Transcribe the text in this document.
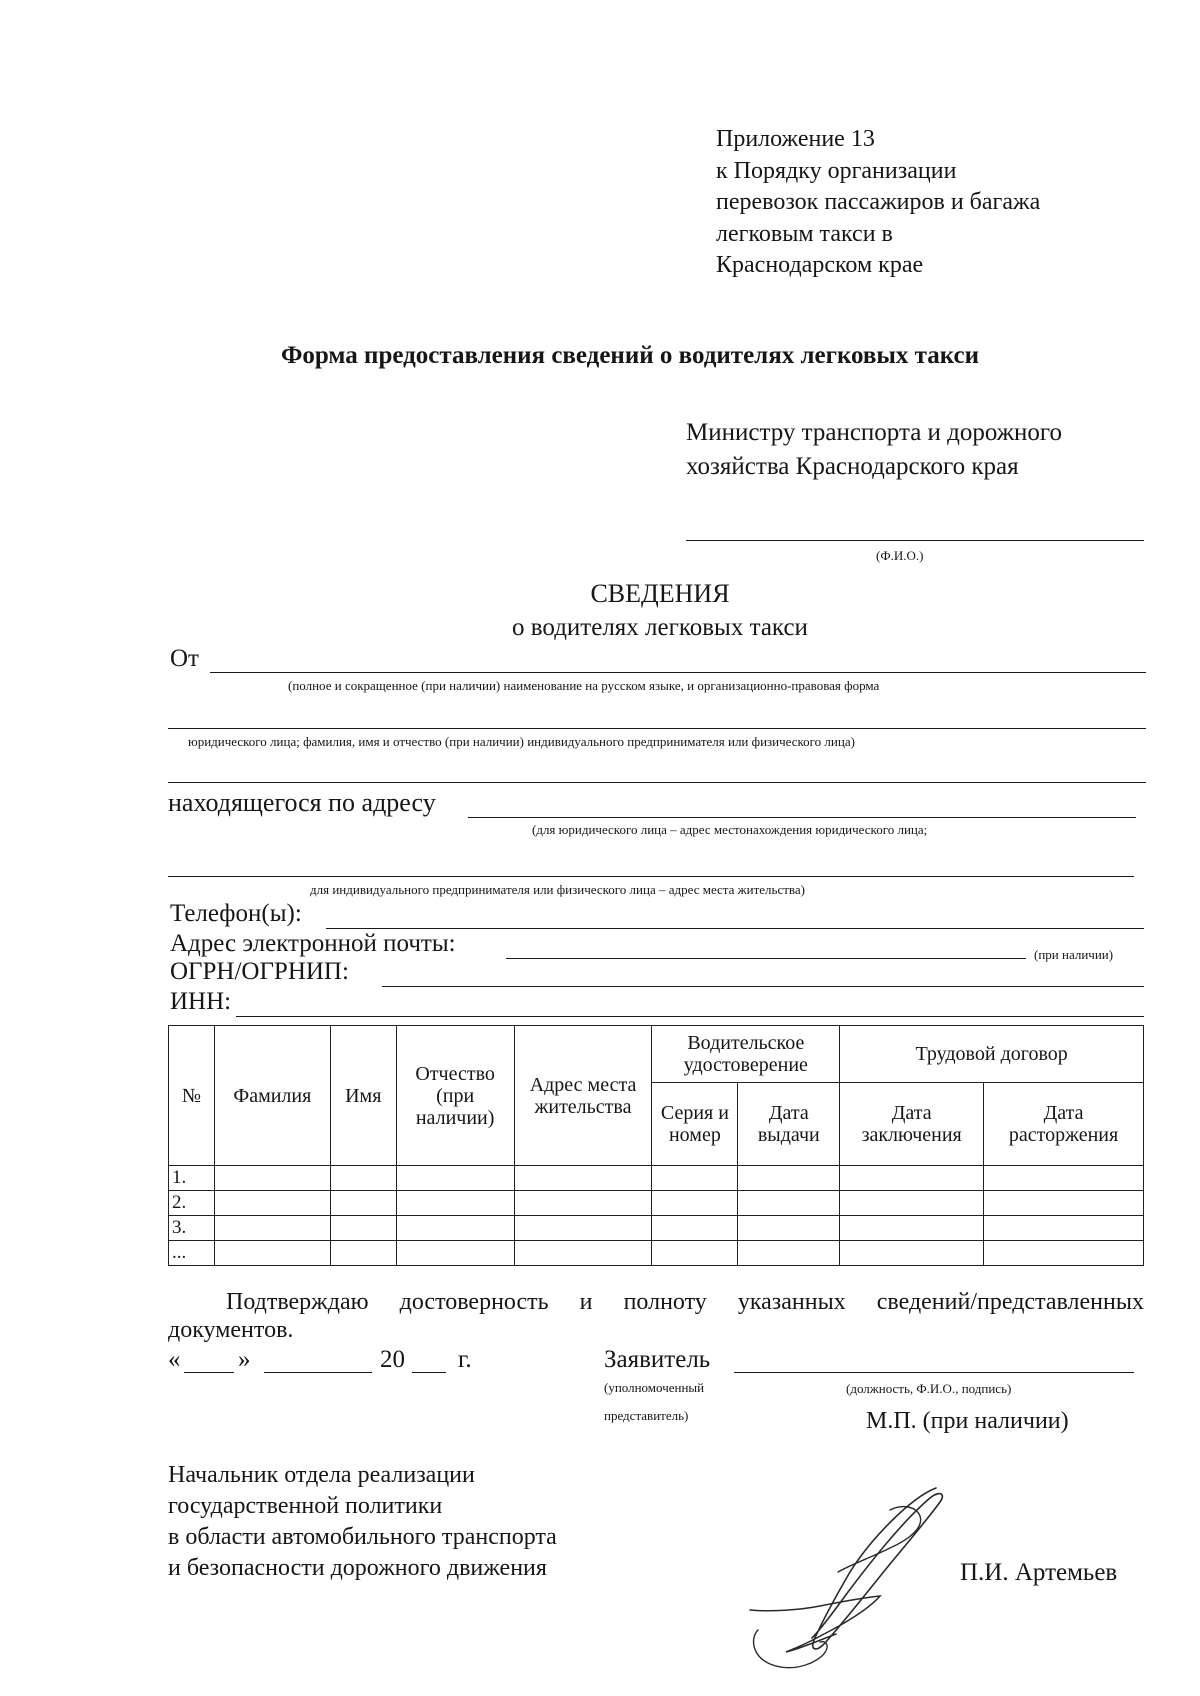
Приложение 13
к Порядку организации
перевозок пассажиров и багажа
легковым такси в
Краснодарском крае
Форма предоставления сведений о водителях легковых такси
Министру транспорта и дорожного
хозяйства Краснодарского края
(Ф.И.О.)
СВЕДЕНИЯ
о водителях легковых такси
От
(полное и сокращенное (при наличии) наименование на русском языке, и организационно-правовая форма
юридического лица; фамилия, имя и отчество (при наличии) индивидуального предпринимателя или физического лица)
находящегося по адресу
(для юридического лица – адрес местонахождения юридического лица;
для индивидуального предпринимателя или физического лица – адрес места жительства)
Телефон(ы):
Адрес электронной почты:	(при наличии)
ОГРН/ОГРНИП:
ИНН:
№	Фамилия	Имя	Отчество (при наличии)	Адрес места жительства	Водительское удостоверение		Трудовой договор	
					Серия и номер	Дата выдачи	Дата заключения	Дата расторжения
1.								
2.								
3.								
...								
Подтверждаю достоверность и полноту указанных сведений/представленных
документов.
« »	20 г.	Заявитель
(уполномоченный	(должность, Ф.И.О., подпись)
представитель)	М.П. (при наличии)
Начальник отдела реализации
государственной политики
в области автомобильного транспорта
и безопасности дорожного движения	П.И. Артемьев
